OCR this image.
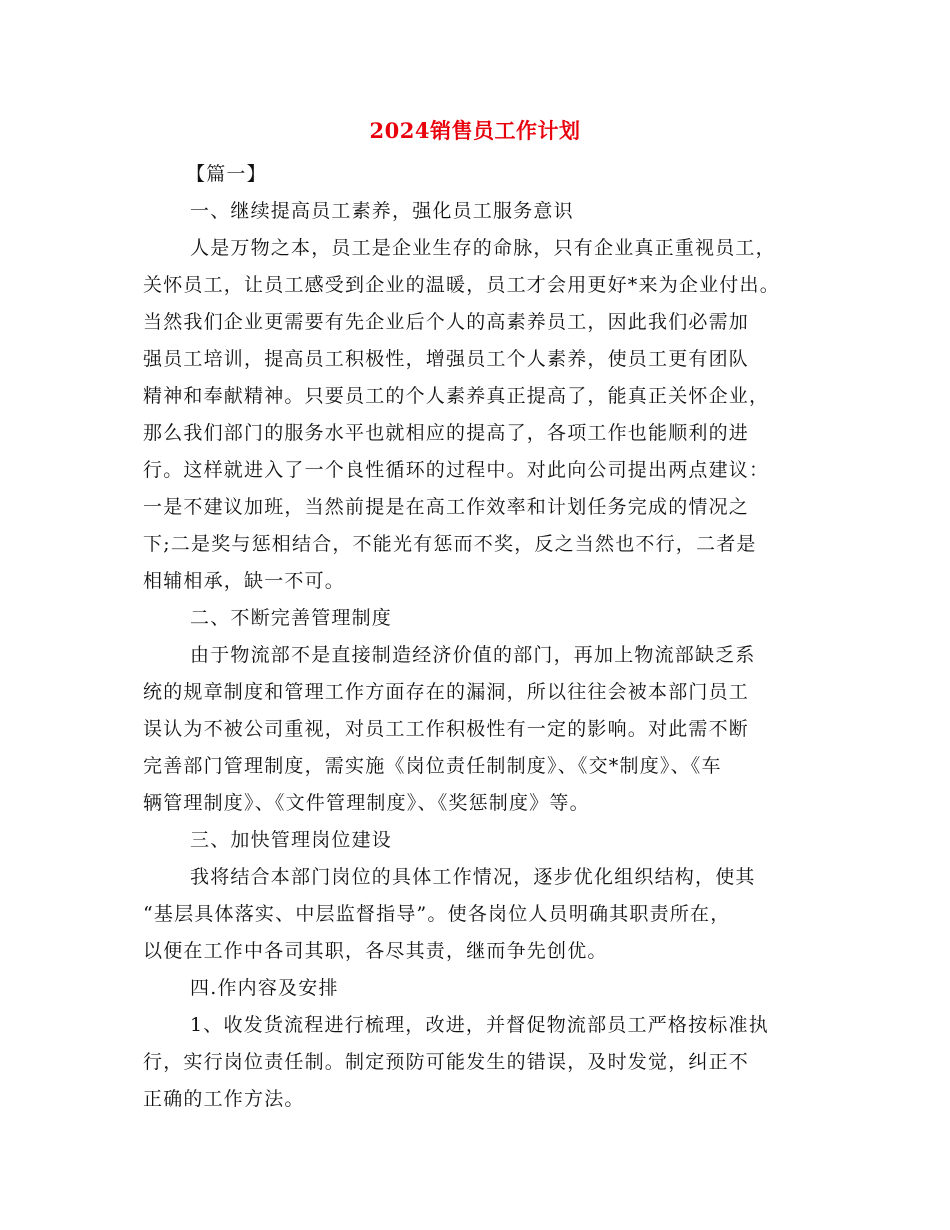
2024销售员工作计划
【篇一】
一、继续提高员工素养，强化员工服务意识
人是万物之本，员工是企业生存的命脉，只有企业真正重视员工，
关怀员工，让员工感受到企业的温暖，员工才会用更好*来为企业付出。
当然我们企业更需要有先企业后个人的高素养员工，因此我们必需加
强员工培训，提高员工积极性，增强员工个人素养，使员工更有团队
精神和奉献精神。只要员工的个人素养真正提高了，能真正关怀企业，
那么我们部门的服务水平也就相应的提高了，各项工作也能顺利的进
行。这样就进入了一个良性循环的过程中。对此向公司提出两点建议：
一是不建议加班，当然前提是在高工作效率和计划任务完成的情况之
下;二是奖与惩相结合，不能光有惩而不奖，反之当然也不行，二者是
相辅相承，缺一不可。
二、不断完善管理制度
由于物流部不是直接制造经济价值的部门，再加上物流部缺乏系
统的规章制度和管理工作方面存在的漏洞，所以往往会被本部门员工
误认为不被公司重视，对员工工作积极性有一定的影响。对此需不断
完善部门管理制度，需实施《岗位责任制制度》、《交*制度》、《车
辆管理制度》、《文件管理制度》、《奖惩制度》等。
三、加快管理岗位建设
我将结合本部门岗位的具体工作情况，逐步优化组织结构，使其
“基层具体落实、中层监督指导”。使各岗位人员明确其职责所在，
以便在工作中各司其职，各尽其责，继而争先创优。
四.作内容及安排
1、收发货流程进行梳理，改进，并督促物流部员工严格按标准执
行，实行岗位责任制。制定预防可能发生的错误，及时发觉，纠正不
正确的工作方法。
